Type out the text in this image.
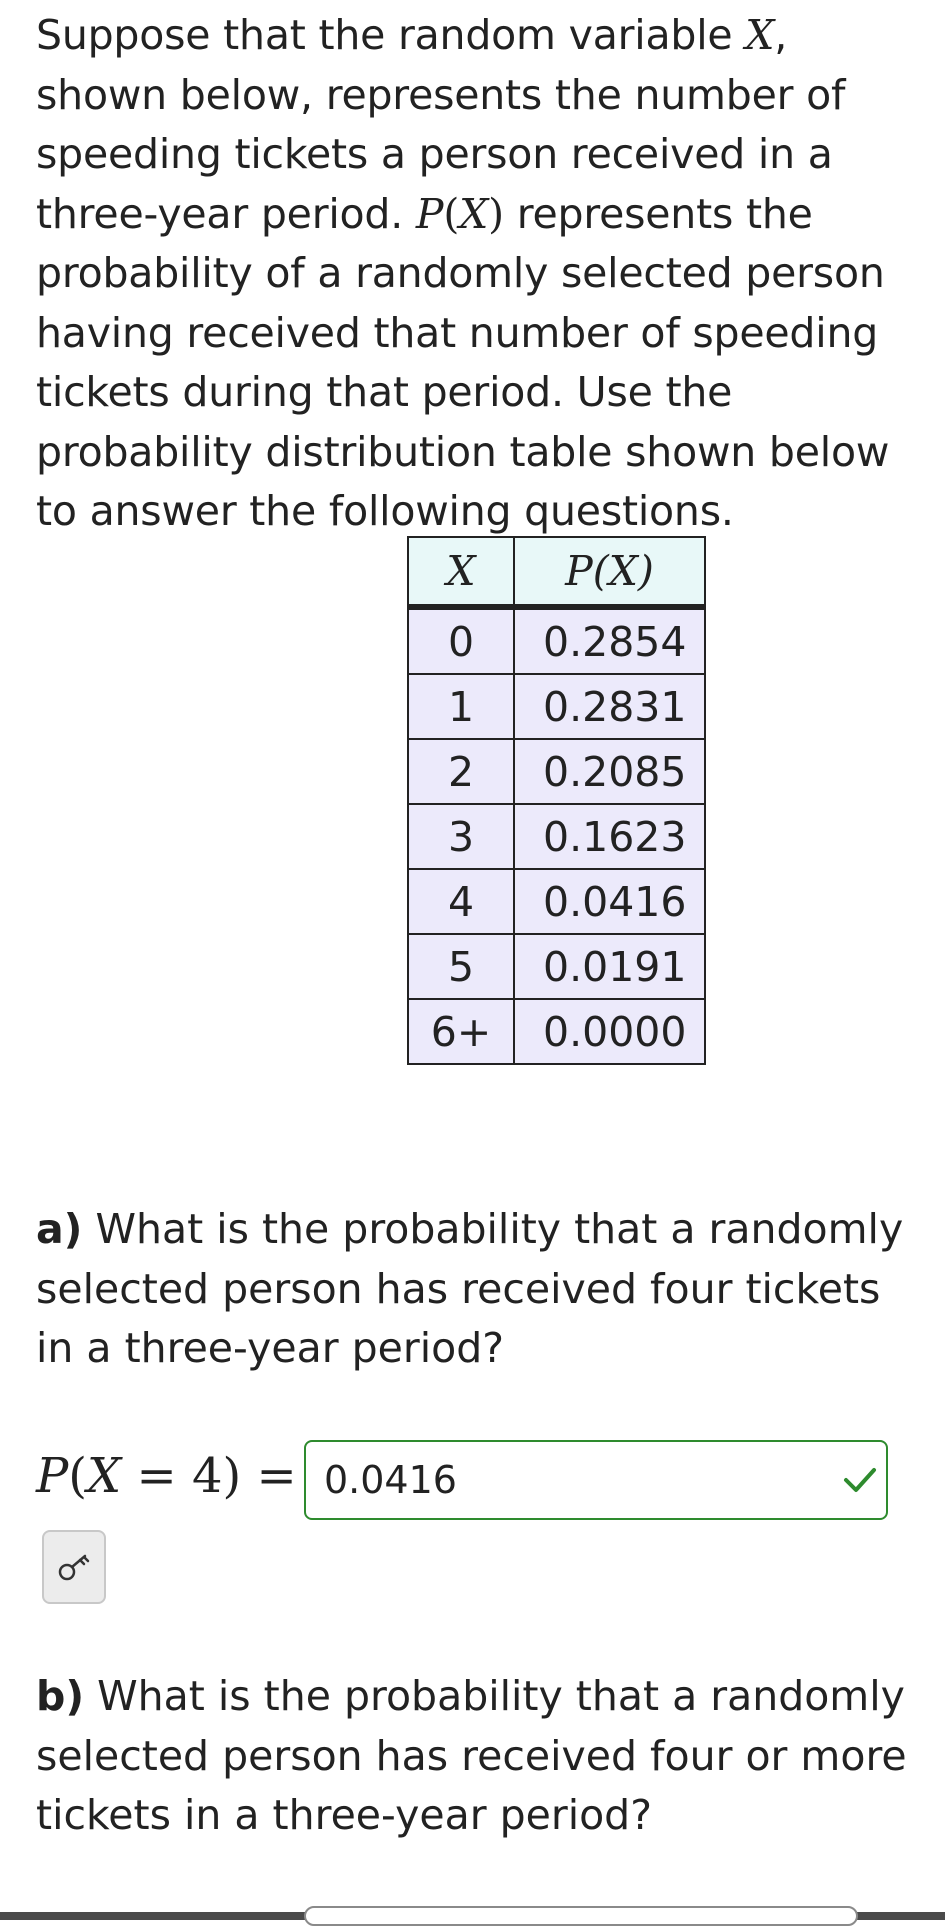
Suppose that the random variable X, shown below, represents the number of speeding tickets a person received in a three-year period. P(X) represents the probability of a randomly selected person having received that number of speeding tickets during that period. Use the probability distribution table shown below to answer the following questions.
X	P(X)
0	0.2854
1	0.2831
2	0.2085
3	0.1623
4	0.0416
5	0.0191
6+	0.0000
a) What is the probability that a randomly selected person has received four tickets in a three-year period?
P(X = 4) =
0.0416
b) What is the probability that a randomly selected person has received four or more tickets in a three-year period?
